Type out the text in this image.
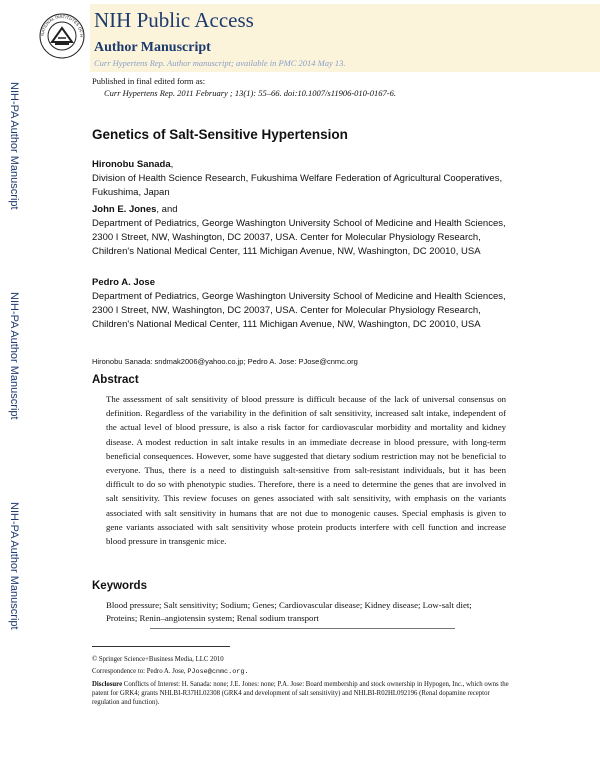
NATIONAL INSTITUTES OF H
NIH Public Access
Author Manuscript
Curr Hypertens Rep. Author manuscript; available in PMC 2014 May 13.
Published in final edited form as:
Curr Hypertens Rep. 2011 February ; 13(1): 55–66. doi:10.1007/s11906-010-0167-6.
NIH-PA Author Manuscript
NIH-PA Author Manuscript
NIH-PA Author Manuscript
Genetics of Salt-Sensitive Hypertension
Hironobu Sanada,
Division of Health Science Research, Fukushima Welfare Federation of Agricultural Cooperatives, Fukushima, Japan
John E. Jones, and
Department of Pediatrics, George Washington University School of Medicine and Health Sciences, 2300 I Street, NW, Washington, DC 20037, USA. Center for Molecular Physiology Research, Children's National Medical Center, 111 Michigan Avenue, NW, Washington, DC 20010, USA
Pedro A. Jose
Department of Pediatrics, George Washington University School of Medicine and Health Sciences, 2300 I Street, NW, Washington, DC 20037, USA. Center for Molecular Physiology Research, Children's National Medical Center, 111 Michigan Avenue, NW, Washington, DC 20010, USA
Hironobu Sanada: sndmak2006@yahoo.co.jp; Pedro A. Jose: PJose@cnmc.org
Abstract
The assessment of salt sensitivity of blood pressure is difficult because of the lack of universal consensus on definition. Regardless of the variability in the definition of salt sensitivity, increased salt intake, independent of the actual level of blood pressure, is also a risk factor for cardiovascular morbidity and mortality and kidney disease. A modest reduction in salt intake results in an immediate decrease in blood pressure, with long-term beneficial consequences. However, some have suggested that dietary sodium restriction may not be beneficial to everyone. Thus, there is a need to distinguish salt-sensitive from salt-resistant individuals, but it has been difficult to do so with phenotypic studies. Therefore, there is a need to determine the genes that are involved in salt sensitivity. This review focuses on genes associated with salt sensitivity, with emphasis on the variants associated with salt sensitivity in humans that are not due to monogenic causes. Special emphasis is given to gene variants associated with salt sensitivity whose protein products interfere with cell function and increase blood pressure in transgenic mice.
Keywords
Blood pressure; Salt sensitivity; Sodium; Genes; Cardiovascular disease; Kidney disease; Low-salt diet; Proteins; Renin–angiotensin system; Renal sodium transport
© Springer Science+Business Media, LLC 2010
Correspondence to: Pedro A. Jose, PJose@cnmc.org.
Disclosure Conflicts of Interest: H. Sanada: none; J.E. Jones: none; P.A. Jose: Board membership and stock ownership in Hypogen, Inc., which owns the patent for GRK4; grants NHLBI-R37HL02308 (GRK4 and development of salt sensitivity) and NHLBI-R02HL092196 (Renal dopamine receptor regulation and function).
